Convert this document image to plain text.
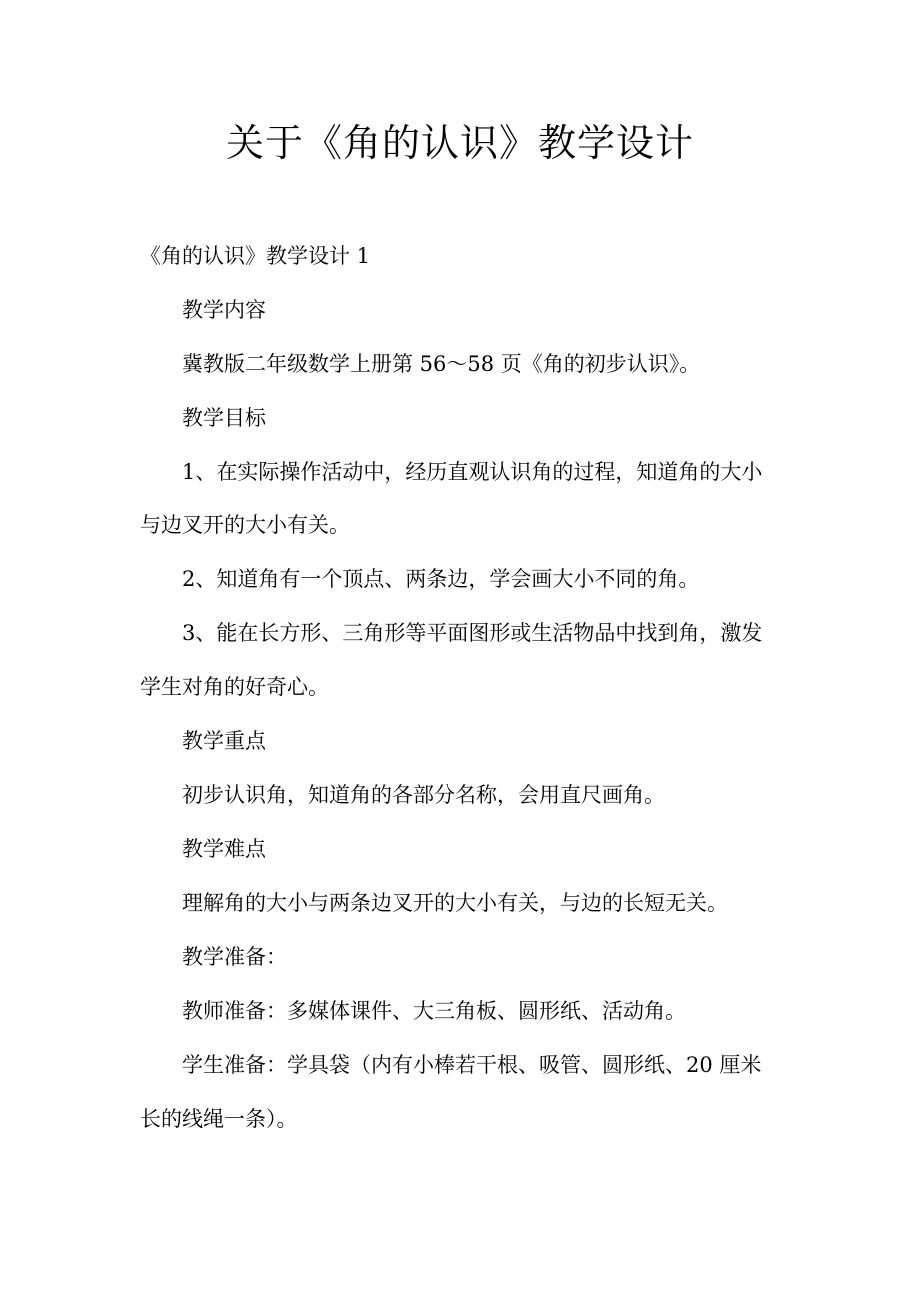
关于《角的认识》教学设计

《角的认识》教学设计 1

教学内容

冀教版二年级数学上册第 56～58 页《角的初步认识》。

教学目标

1、在实际操作活动中，经历直观认识角的过程，知道角的大小

与边叉开的大小有关。

2、知道角有一个顶点、两条边，学会画大小不同的角。

3、能在长方形、三角形等平面图形或生活物品中找到角，激发

学生对角的好奇心。

教学重点

初步认识角，知道角的各部分名称，会用直尺画角。

教学难点

理解角的大小与两条边叉开的大小有关，与边的长短无关。

教学准备：

教师准备：多媒体课件、大三角板、圆形纸、活动角。

学生准备：学具袋（内有小棒若干根、吸管、圆形纸、20 厘米

长的线绳一条）。
